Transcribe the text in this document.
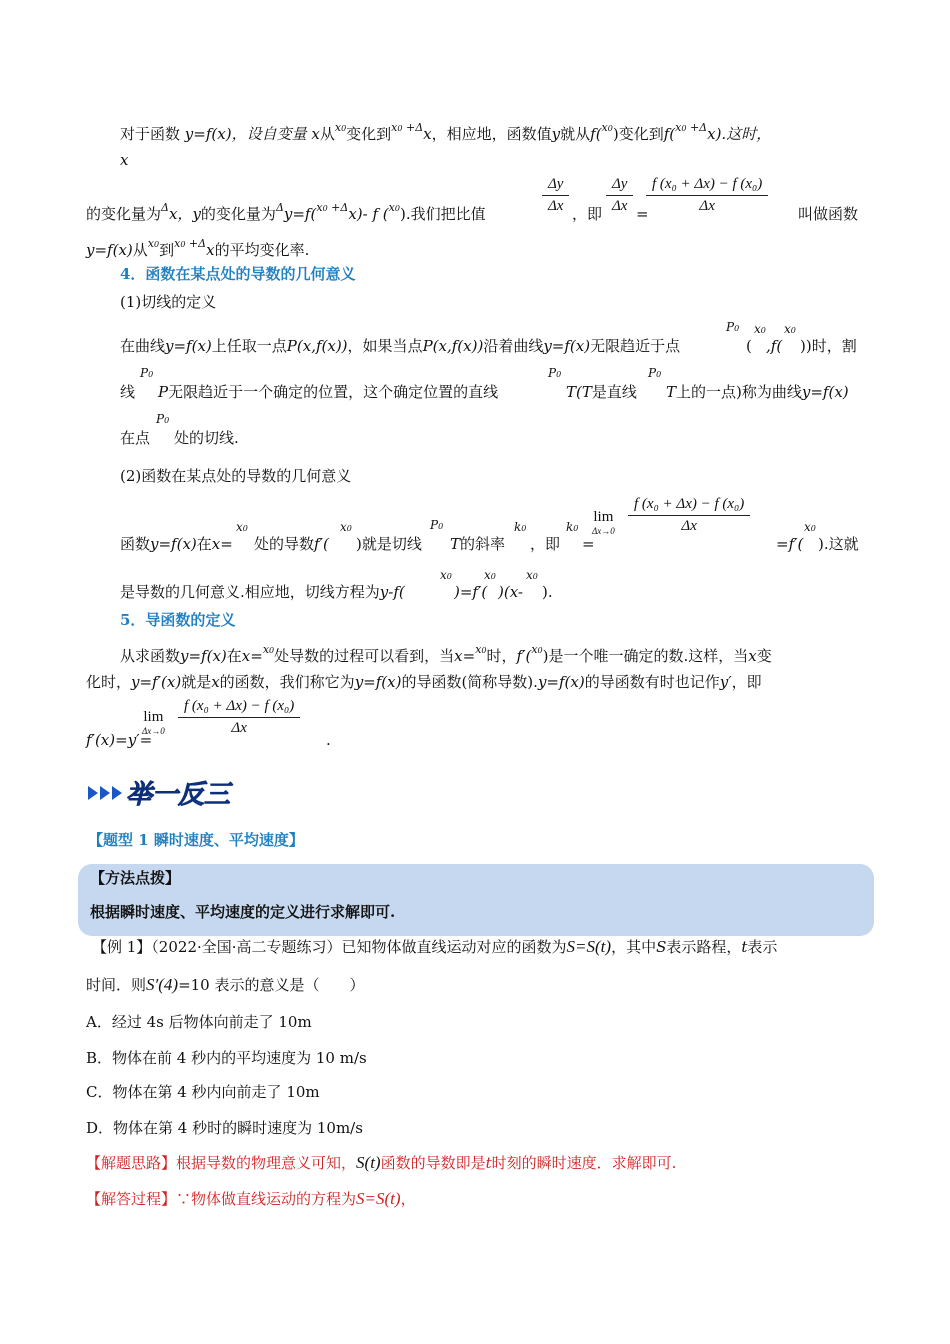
对于函数 y=f(x)，设自变量 x从$^{x0}$变化到$^{x0 +\Delta}$x，相应地，函数值y就从f($^{x0}$)变化到f($^{x0 +\Delta}$x).这时，
x
的变化量为$^\Delta$x，y的变化量为$^\Delta$y=f($^{x0 +\Delta}$x)- f ($^{x0}$).我们把比值	$\frac{\Delta y}{\Delta x}$ ，即 $\frac{\Delta y}{\Delta x}$ =
$\frac{\text{f (x₀ + Δx) − f (x₀)}}{\Delta x}$ 叫做函数
y=f(x)从$^{x0}$到$^{x0 +\Delta}$x的平均变化率.
4．函数在某点处的导数的几何意义
(1)切线的定义
P0 x0 x0
在曲线y=f(x)上任取一点P(x,f(x))，如果当点P(x,f(x))沿着曲线y=f(x)无限趋近于点	( ,f( ))时，割
P0	P0	P0
线 P无限趋近于一个确定的位置，这个确定位置的直线	T(T是直线 T上的一点)称为曲线y=f(x)
P0
在点 处的切线.
(2)函数在某点处的导数的几何意义
x0	x0	P0	k0	k0	x0
函数y=f(x)在x= 处的导数f′( )就是切线 T的斜率 ，即 =
lim
$\Delta x\to 0 \frac{\text{f (x₀ + Δx) − f (x₀)}}{\Delta x}$
=f′( ).这就
x0	x0	x0
是导数的几何意义.相应地，切线方程为y-f(	)=f′( )(x- ).
5．导函数的定义
从求函数y=f(x)在x=$^{x0}$处导数的过程可以看到，当x=$^{x0}$时，f′($^{x0}$)是一个唯一确定的数.这样，当x变
化时，y=f′(x)就是x的函数，我们称它为y=f(x)的导函数(简称导数).y=f(x)的导函数有时也记作y′，即
lim
$\Delta x\to 0 \frac{\text{f (x₀ + Δx) − f (x₀)}}{\Delta x}$
f′(x)=y′=	.
举一反三
【题型 1 瞬时速度、平均速度】
【方法点拨】
根据瞬时速度、平均速度的定义进行求解即可.
【例 1】（2022·全国·高二专题练习）已知物体做直线运动对应的函数为S=S(t)，其中S表示路程，t表示
时间．则S′(4)=10 表示的意义是（　　）
A．经过 4s 后物体向前走了 10m
B．物体在前 4 秒内的平均速度为 10 m/s
C．物体在第 4 秒内向前走了 10m
D．物体在第 4 秒时的瞬时速度为 10m/s
【解题思路】根据导数的物理意义可知，S(t)函数的导数即是t时刻的瞬时速度．求解即可.
【解答过程】∵物体做直线运动的方程为S=S(t)，
